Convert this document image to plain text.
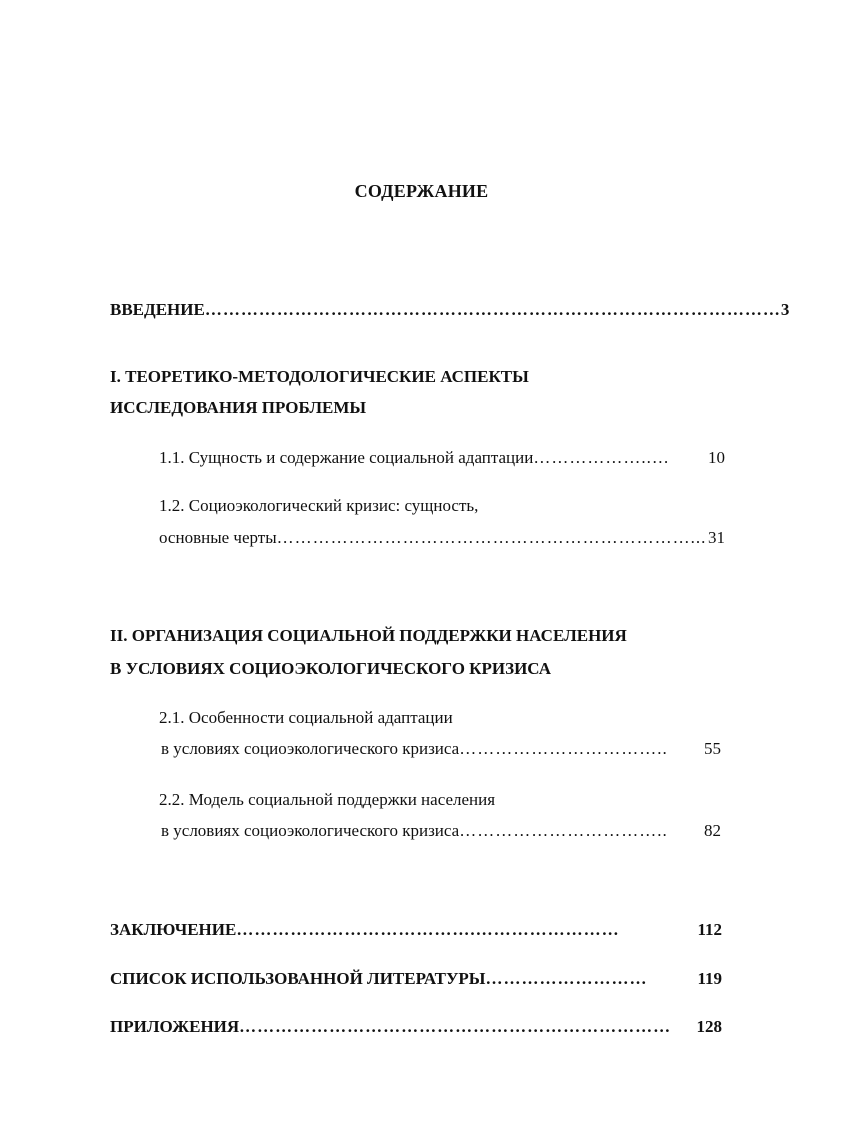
СОДЕРЖАНИЕ
ВВЕДЕНИЕ …………………………………………………………………………………… 3
I. ТЕОРЕТИКО-МЕТОДОЛОГИЧЕСКИЕ АСПЕКТЫ
ИССЛЕДОВАНИЯ ПРОБЛЕМЫ
1.1. Сущность и содержание социальной адаптации ………………..…	10
1.2. Социоэкологический кризис: сущность,
основные черты ……………………………………………………………... 31
II. ОРГАНИЗАЦИЯ СОЦИАЛЬНОЙ ПОДДЕРЖКИ НАСЕЛЕНИЯ
В УСЛОВИЯХ СОЦИОЭКОЛОГИЧЕСКОГО КРИЗИСА
2.1. Особенности социальной адаптации
в условиях социоэкологического кризиса ……………………………..	55
2.2. Модель социальной поддержки населения
в условиях социоэкологического кризиса ……………………………..	82
ЗАКЛЮЧЕНИЕ ………………………………….……………………	112
СПИСОК ИСПОЛЬЗОВАННОЙ ЛИТЕРАТУРЫ ………………………	119
ПРИЛОЖЕНИЯ ………………………………………………………………	128
